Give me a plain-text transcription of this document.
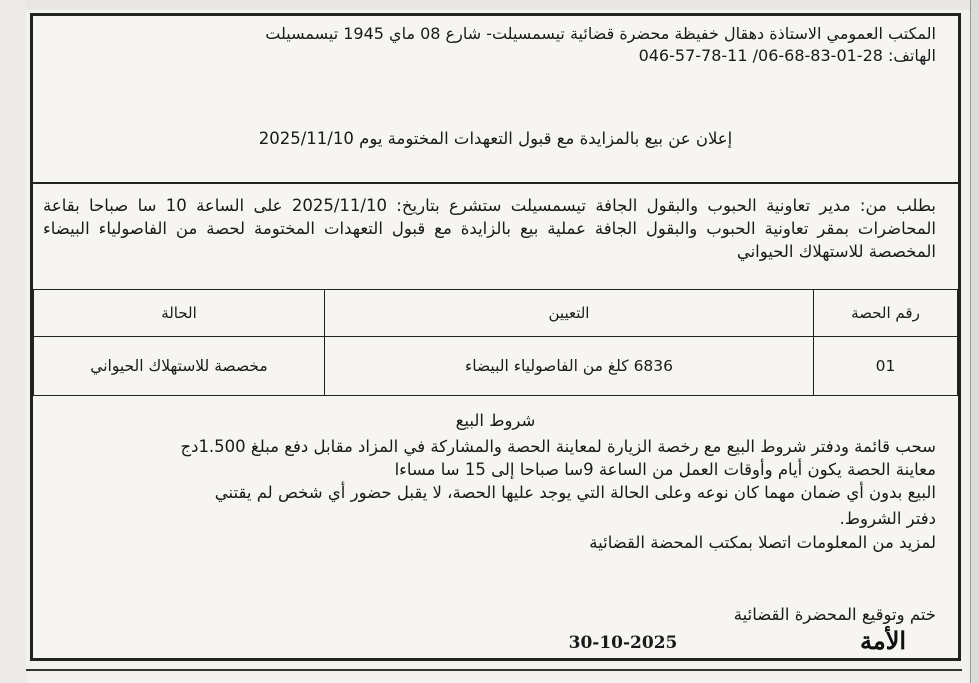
المكتب العمومي الاستاذة دهقال خفيظة محضرة قضائية تيسمسيلت- شارع 08 ماي 1945 تيسمسيلت
الهاتف: 28-01-83-68-06/ 11-78-57-046
إعلان عن بيع بالمزايدة مع قبول التعهدات المختومة يوم 2025/11/10
بطلب من: مدير تعاونية الحبوب والبقول الجافة تيسمسيلت ستشرع بتاريخ: 2025/11/10 على الساعة 10 سا صباحا بقاعة المحاضرات بمقر تعاونية الحبوب والبقول الجافة عملية بيع بالزايدة مع قبول التعهدات المختومة لحصة من الفاصولياء البيضاء المخصصة للاستهلاك الحيواني
رقم الحصة	التعيين	الحالة
01	6836 كلغ من الفاصولياء البيضاء	مخصصة للاستهلاك الحيواني
شروط البيع
سحب قائمة ودفتر شروط البيع مع رخصة الزيارة لمعاينة الحصة والمشاركة في المزاد مقابل دفع مبلغ 1.500دج
معاينة الحصة يكون أيام وأوقات العمل من الساعة 9سا صباحا إلى 15 سا مساءا
البيع بدون أي ضمان مهما كان نوعه وعلى الحالة التي يوجد عليها الحصة، لا يقبل حضور أي شخص لم يقتني
دفتر الشروط.
لمزيد من المعلومات اتصلا بمكتب المحضة القضائية
ختم وتوقيع المحضرة القضائية
الأمة
30-10-2025
